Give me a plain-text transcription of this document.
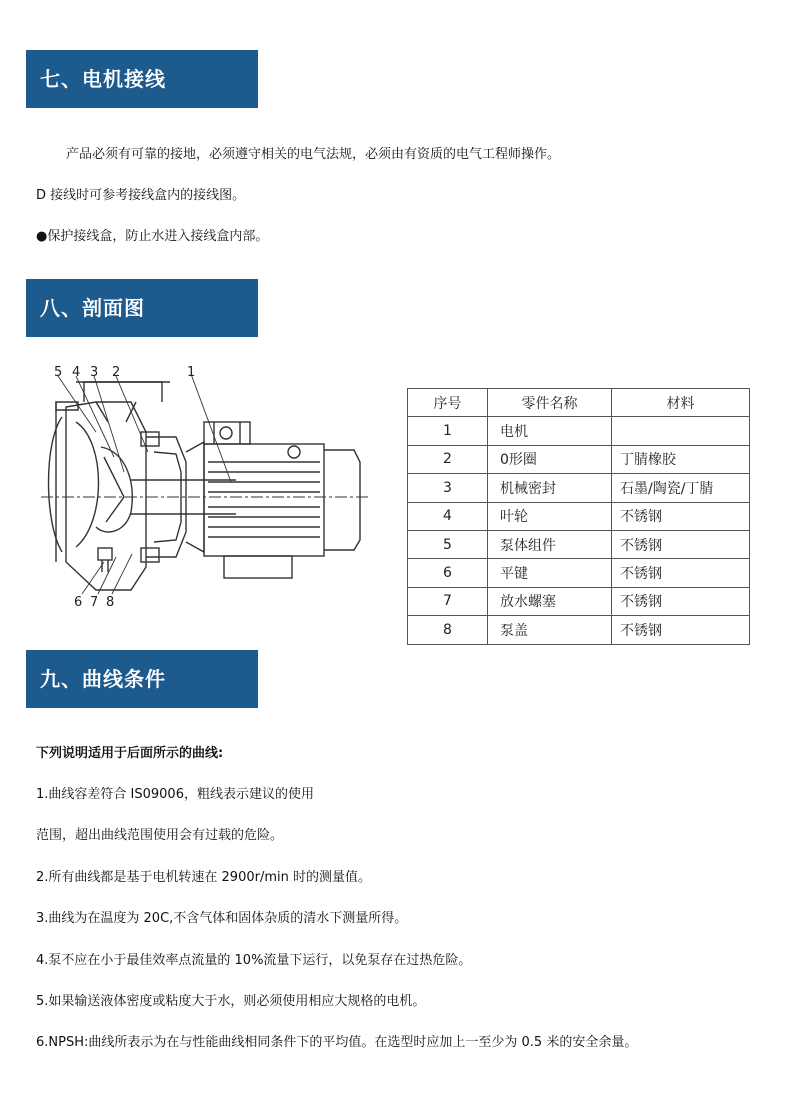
七、电机接线
产品必须有可靠的接地，必须遵守相关的电气法规，必须由有资质的电气工程师操作。
D 接线时可参考接线盒内的接线图。
●保护接线盒，防止水进入接线盒内部。
八、剖面图
5 4 3 2	1
6 7 8
序号	零件名称	材料
1	电机	
2	0形圈	丁腈橡胶
3	机械密封	石墨/陶瓷/丁腈
4	叶轮	不锈钢
5	泵体组件	不锈钢
6	平键	不锈钢
7	放水螺塞	不锈钢
8	泵盖	不锈钢
九、曲线条件
下列说明适用于后面所示的曲线:
1.曲线容差符合 IS09006，粗线表示建议的使用
范围，超出曲线范围使用会有过载的危险。
2.所有曲线都是基于电机转速在 2900r/min 时的测量值。
3.曲线为在温度为 20C,不含气体和固体杂质的清水下测量所得。
4.泵不应在小于最佳效率点流量的 10%流量下运行，以免泵存在过热危险。
5.如果输送液体密度或粘度大于水，则必须使用相应大规格的电机。
6.NPSH:曲线所表示为在与性能曲线相同条件下的平均值。在选型时应加上一至少为 0.5 米的安全余量。
